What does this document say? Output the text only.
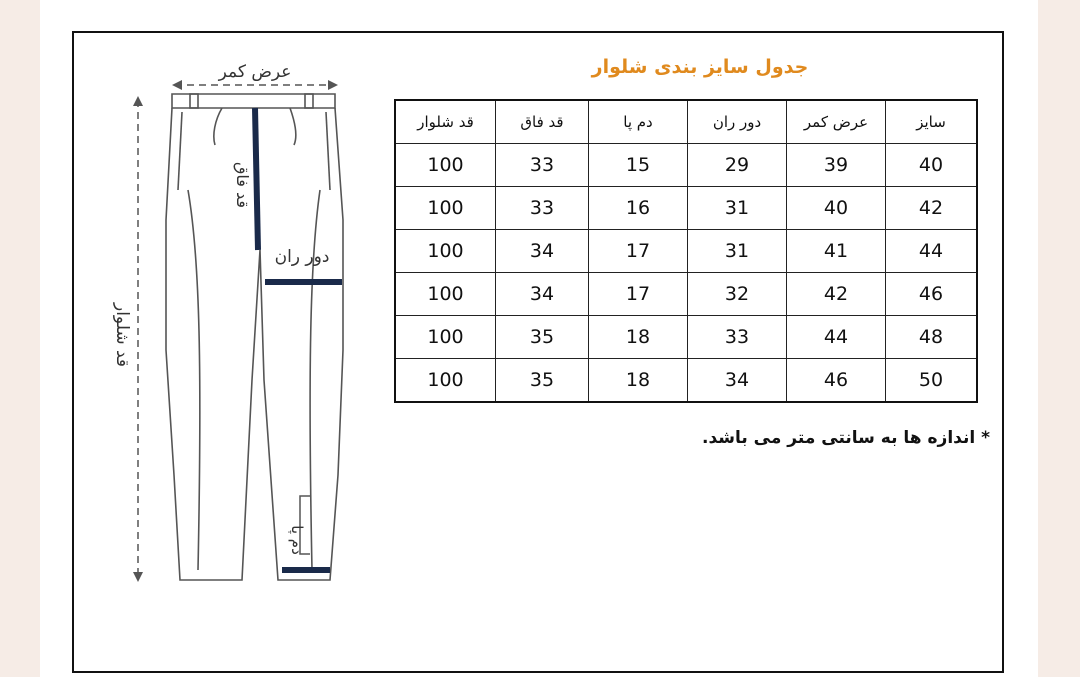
جدول سایز بندی شلوار
سایز	عرض کمر	دور ران	دم پا	قد فاق	قد شلوار
40	39	29	15	33	100
42	40	31	16	33	100
44	41	31	17	34	100
46	42	32	17	34	100
48	44	33	18	35	100
50	46	34	18	35	100
* اندازه ها به سانتی متر می باشد.
عرض کمر
قد شلوار
قد فاق
دور ران
دم پا
